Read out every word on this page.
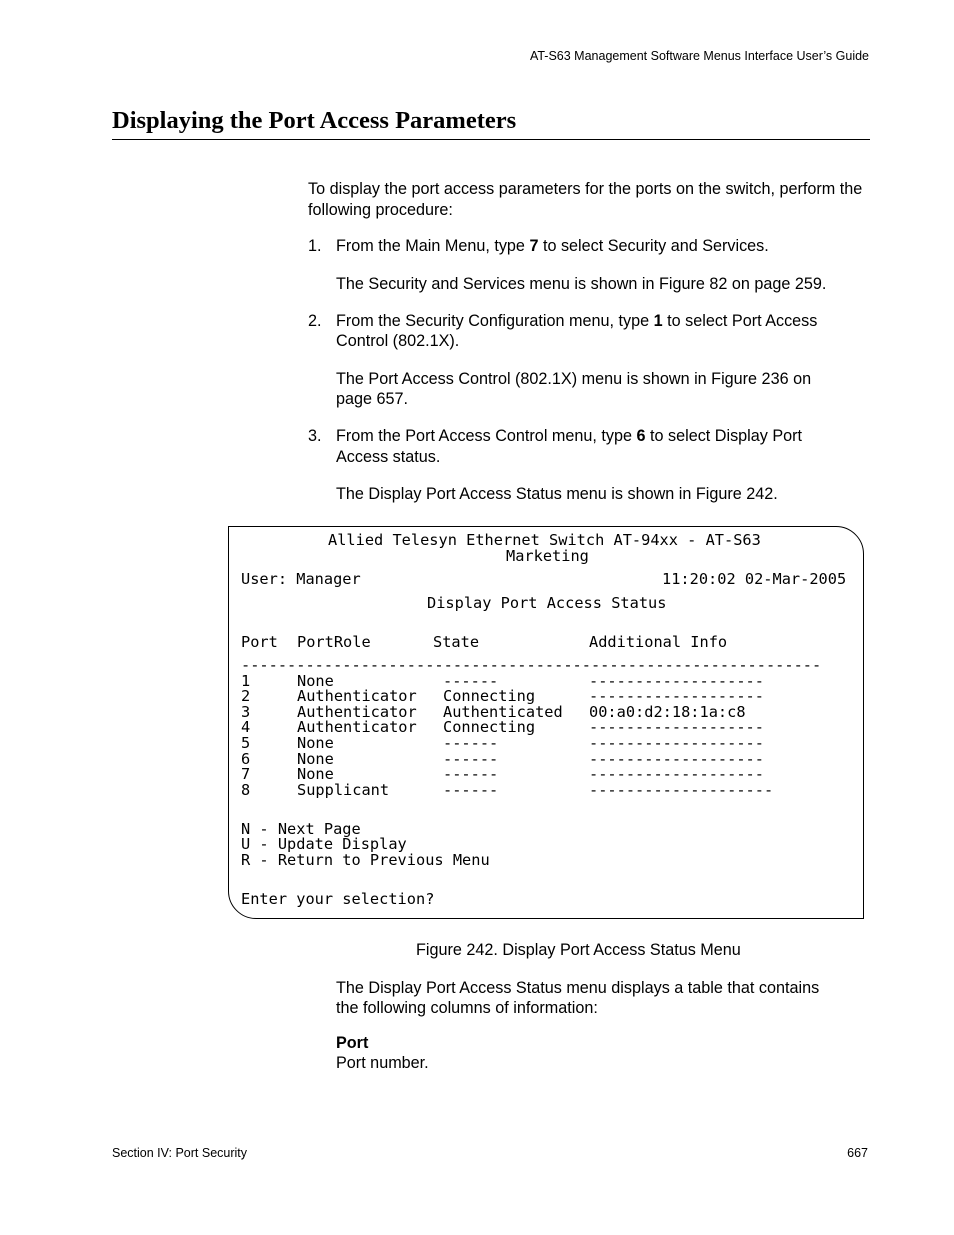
AT-S63 Management Software Menus Interface User’s Guide
Displaying the Port Access Parameters
To display the port access parameters for the ports on the switch, perform the following procedure:
1. From the Main Menu, type 7 to select Security and Services.
The Security and Services menu is shown in Figure 82 on page 259.
2. From the Security Configuration menu, type 1 to select Port Access
Control (802.1X).
The Port Access Control (802.1X) menu is shown in Figure 236 on
page 657.
3. From the Port Access Control menu, type 6 to select Display Port
Access status.
The Display Port Access Status menu is shown in Figure 242.
Allied Telesyn Ethernet Switch AT-94xx - AT-S63
Marketing
User: Manager	11:20:02 02-Mar-2005
Display Port Access Status
Port PortRole	State	Additional Info
---------------------------------------------------------------
1	None	------	-------------------
2	Authenticator Connecting	-------------------
3	Authenticator Authenticated 00:a0:d2:18:1a:c8
4	Authenticator Connecting	-------------------
5	None	------	-------------------
6	None	------	-------------------
7	None	------	-------------------
8	Supplicant	------	--------------------
N - Next Page
U - Update Display
R - Return to Previous Menu
Enter your selection?
Figure 242. Display Port Access Status Menu
The Display Port Access Status menu displays a table that contains
the following columns of information:
Port
Port number.
Section IV: Port Security	667
